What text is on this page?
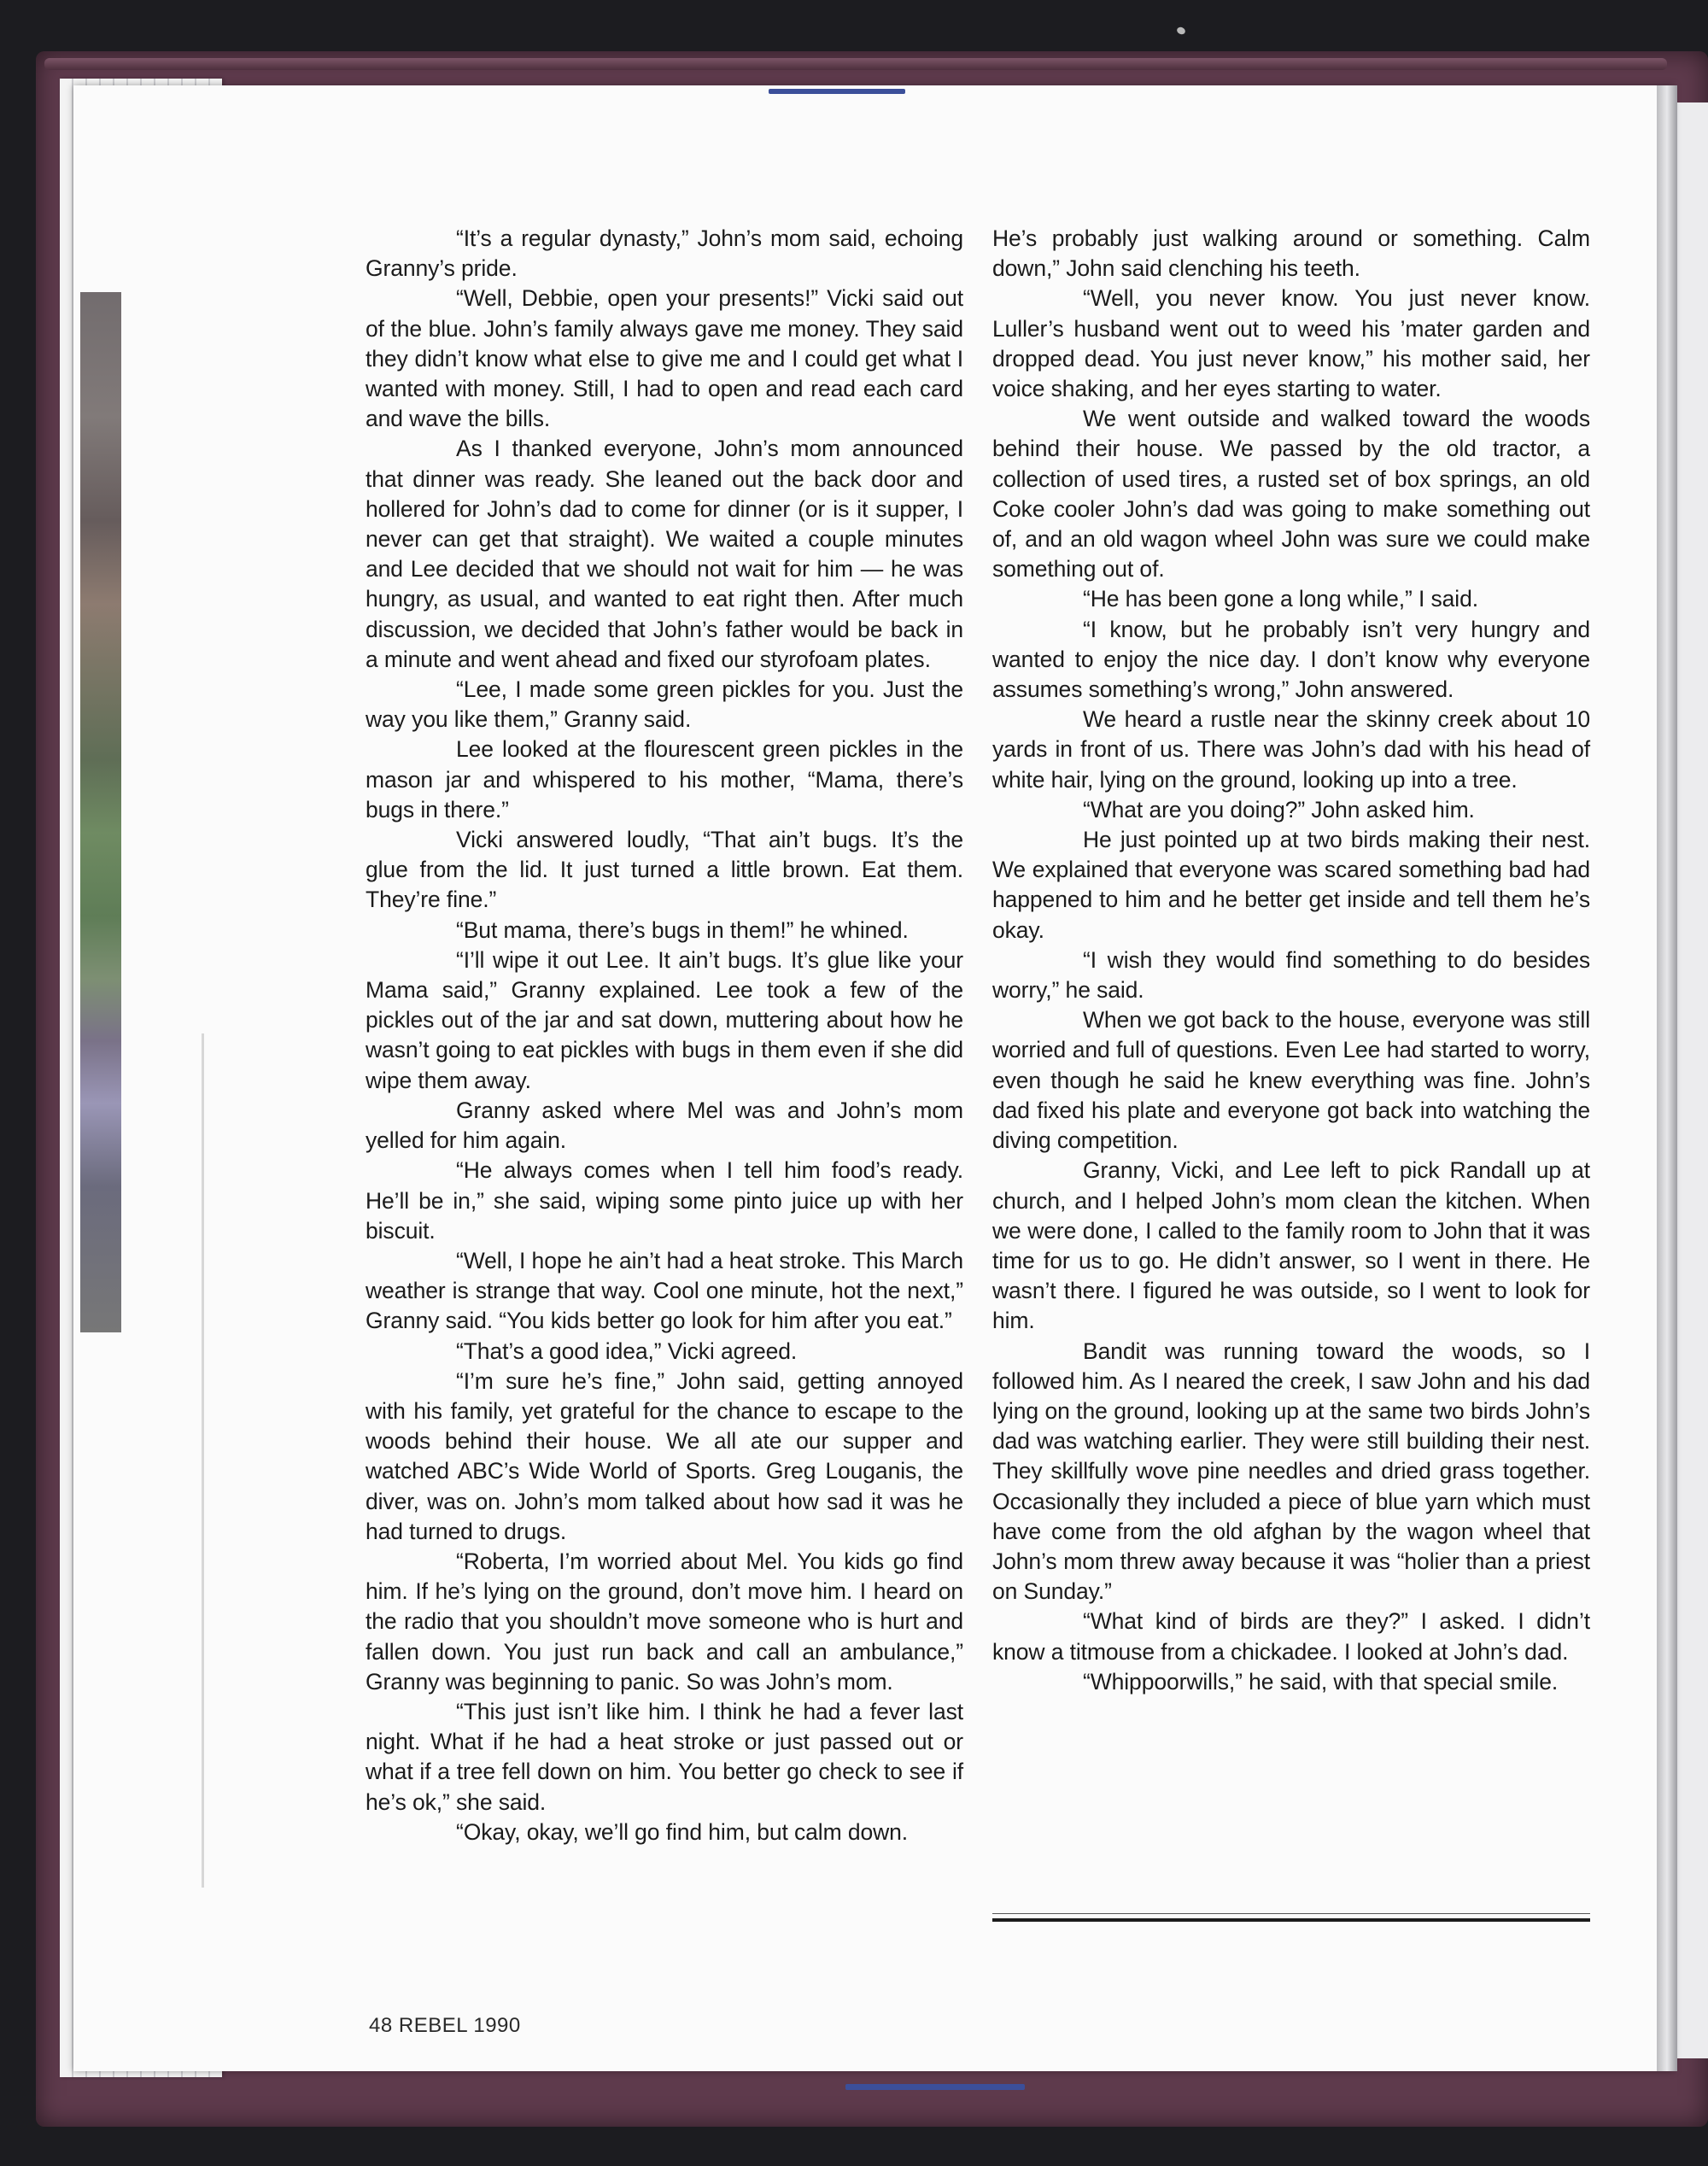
“It’s a regular dynasty,” John’s mom said, echoing Granny’s pride.

“Well, Debbie, open your presents!” Vicki said out of the blue. John’s family always gave me money. They said they didn’t know what else to give me and I could get what I wanted with money. Still, I had to open and read each card and wave the bills.

As I thanked everyone, John’s mom announced that dinner was ready. She leaned out the back door and hollered for John’s dad to come for dinner (or is it supper, I never can get that straight). We waited a couple minutes and Lee decided that we should not wait for him — he was hungry, as usual, and wanted to eat right then. After much discussion, we decided that John’s father would be back in a minute and went ahead and fixed our styrofoam plates.

“Lee, I made some green pickles for you. Just the way you like them,” Granny said.

Lee looked at the flourescent green pickles in the mason jar and whispered to his mother, “Mama, there’s bugs in there.”

Vicki answered loudly, “That ain’t bugs. It’s the glue from the lid. It just turned a little brown. Eat them. They’re fine.”

“But mama, there’s bugs in them!” he whined.

“I’ll wipe it out Lee. It ain’t bugs. It’s glue like your Mama said,” Granny explained. Lee took a few of the pickles out of the jar and sat down, muttering about how he wasn’t going to eat pickles with bugs in them even if she did wipe them away.

Granny asked where Mel was and John’s mom yelled for him again.

“He always comes when I tell him food’s ready. He’ll be in,” she said, wiping some pinto juice up with her biscuit.

“Well, I hope he ain’t had a heat stroke. This March weather is strange that way. Cool one minute, hot the next,” Granny said. “You kids better go look for him after you eat.”

“That’s a good idea,” Vicki agreed.

“I’m sure he’s fine,” John said, getting annoyed with his family, yet grateful for the chance to escape to the woods behind their house. We all ate our supper and watched ABC’s Wide World of Sports. Greg Louganis, the diver, was on. John’s mom talked about how sad it was he had turned to drugs.

“Roberta, I’m worried about Mel. You kids go find him. If he’s lying on the ground, don’t move him. I heard on the radio that you shouldn’t move someone who is hurt and fallen down. You just run back and call an ambulance,” Granny was beginning to panic. So was John’s mom.

“This just isn’t like him. I think he had a fever last night. What if he had a heat stroke or just passed out or what if a tree fell down on him. You better go check to see if he’s ok,” she said.

“Okay, okay, we’ll go find him, but calm down.

He’s probably just walking around or something. Calm down,” John said clenching his teeth.

“Well, you never know. You just never know. Luller’s husband went out to weed his ’mater garden and dropped dead. You just never know,” his mother said, her voice shaking, and her eyes starting to water.

We went outside and walked toward the woods behind their house. We passed by the old tractor, a collection of used tires, a rusted set of box springs, an old Coke cooler John’s dad was going to make something out of, and an old wagon wheel John was sure we could make something out of.

“He has been gone a long while,” I said.

“I know, but he probably isn’t very hungry and wanted to enjoy the nice day. I don’t know why everyone assumes something’s wrong,” John answered.

We heard a rustle near the skinny creek about 10 yards in front of us. There was John’s dad with his head of white hair, lying on the ground, looking up into a tree.

“What are you doing?” John asked him.

He just pointed up at two birds making their nest. We explained that everyone was scared something bad had happened to him and he better get inside and tell them he’s okay.

“I wish they would find something to do besides worry,” he said.

When we got back to the house, everyone was still worried and full of questions. Even Lee had started to worry, even though he said he knew everything was fine. John’s dad fixed his plate and everyone got back into watching the diving competition.

Granny, Vicki, and Lee left to pick Randall up at church, and I helped John’s mom clean the kitchen. When we were done, I called to the family room to John that it was time for us to go. He didn’t answer, so I went in there. He wasn’t there. I figured he was outside, so I went to look for him.

Bandit was running toward the woods, so I followed him. As I neared the creek, I saw John and his dad lying on the ground, looking up at the same two birds John’s dad was watching earlier. They were still building their nest. They skillfully wove pine needles and dried grass together. Occasionally they included a piece of blue yarn which must have come from the old afghan by the wagon wheel that John’s mom threw away because it was “holier than a priest on Sunday.”

“What kind of birds are they?” I asked. I didn’t know a titmouse from a chickadee. I looked at John’s dad.

“Whippoorwills,” he said, with that special smile.

48 REBEL 1990
